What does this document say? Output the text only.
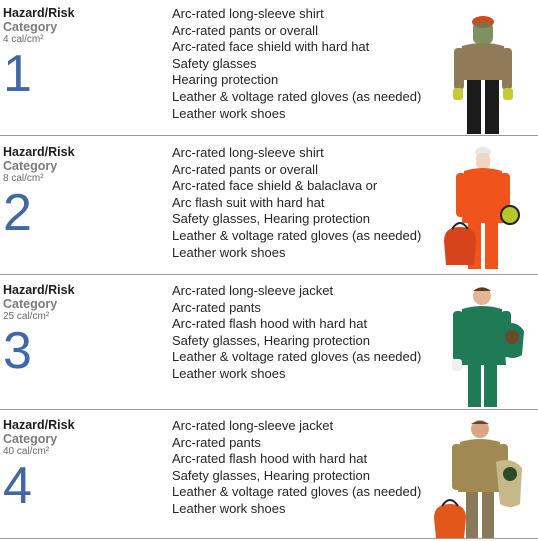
Hazard/Risk
Category
4 cal/cm²
1
Arc-rated long-sleeve shirt
Arc-rated pants or overall
Arc-rated face shield with hard hat
Safety glasses
Hearing protection
Leather & voltage rated gloves (as needed)
Leather work shoes
Hazard/Risk
Category
8 cal/cm²
2
Arc-rated long-sleeve shirt
Arc-rated pants or overall
Arc-rated face shield & balaclava or
Arc flash suit with hard hat
Safety glasses, Hearing protection
Leather & voltage rated gloves (as needed)
Leather work shoes
Hazard/Risk
Category
25 cal/cm²
3
Arc-rated long-sleeve jacket
Arc-rated pants
Arc-rated flash hood with hard hat
Safety glasses, Hearing protection
Leather & voltage rated gloves (as needed)
Leather work shoes
Hazard/Risk
Category
40 cal/cm²
4
Arc-rated long-sleeve jacket
Arc-rated pants
Arc-rated flash hood with hard hat
Safety glasses, Hearing protection
Leather & voltage rated gloves (as needed)
Leather work shoes
